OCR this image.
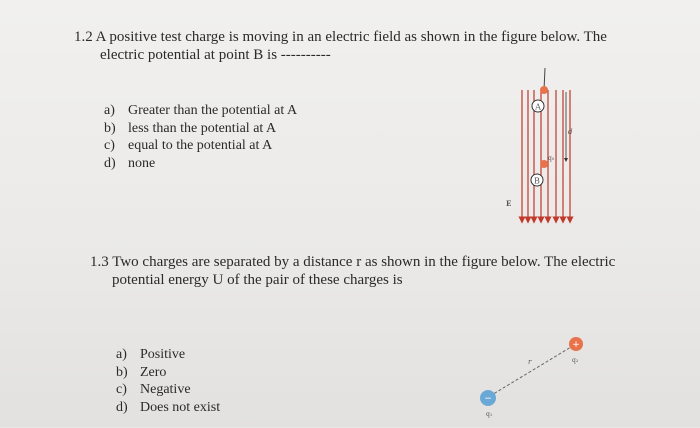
1.2 A positive test charge is moving in an electric field as shown in the figure below. The
electric potential at point B is ----------
a) Greater than the potential at A
b) less than the potential at A
c) equal to the potential at A
d) none
A
d
q₀
B
E
1.3 Two charges are separated by a distance r as shown in the figure below. The electric
potential energy U of the pair of these charges is
a) Positive
b) Zero
c) Negative
d) Does not exist
r
−
q₁
+
q₂
